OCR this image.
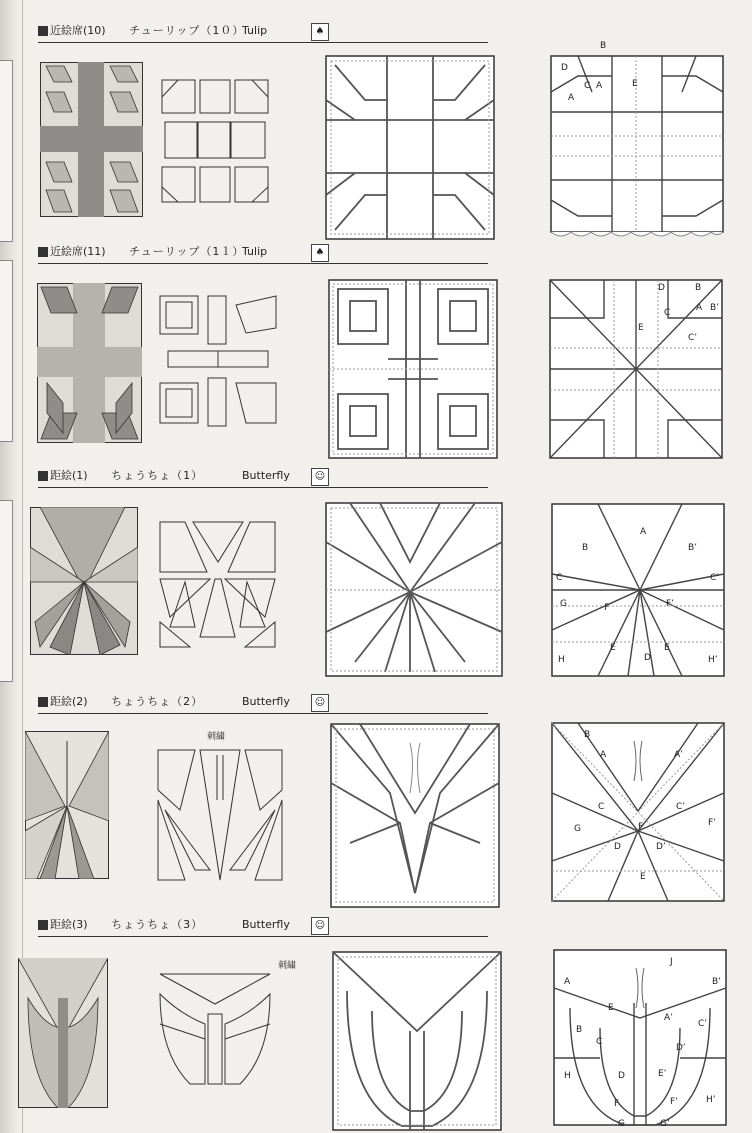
近絵席(10) チューリップ（1０）
Tulip	♠
B
D
A
C	E
A
近絵席(11) チューリップ（1１）
Tulip	♠
D	B
A B’
C
E
C’
距絵(1) ちょうちょ（1）	Butterfly	☺
A
B	B’
C	C’
G	F	F’
E	E
D
H	H’
距絵(2) ちょうちょ（2）	Butterfly	☺
刺繍	B
A	A’
C	C’
F’
G	F
D	D’
E
距絵(3) ちょうちょ（3）	Butterfly	☺
刺繍	J
A	B’
E
A’
C’
B
C
D’
H	D	E’
H’
F	F’
G	G’
